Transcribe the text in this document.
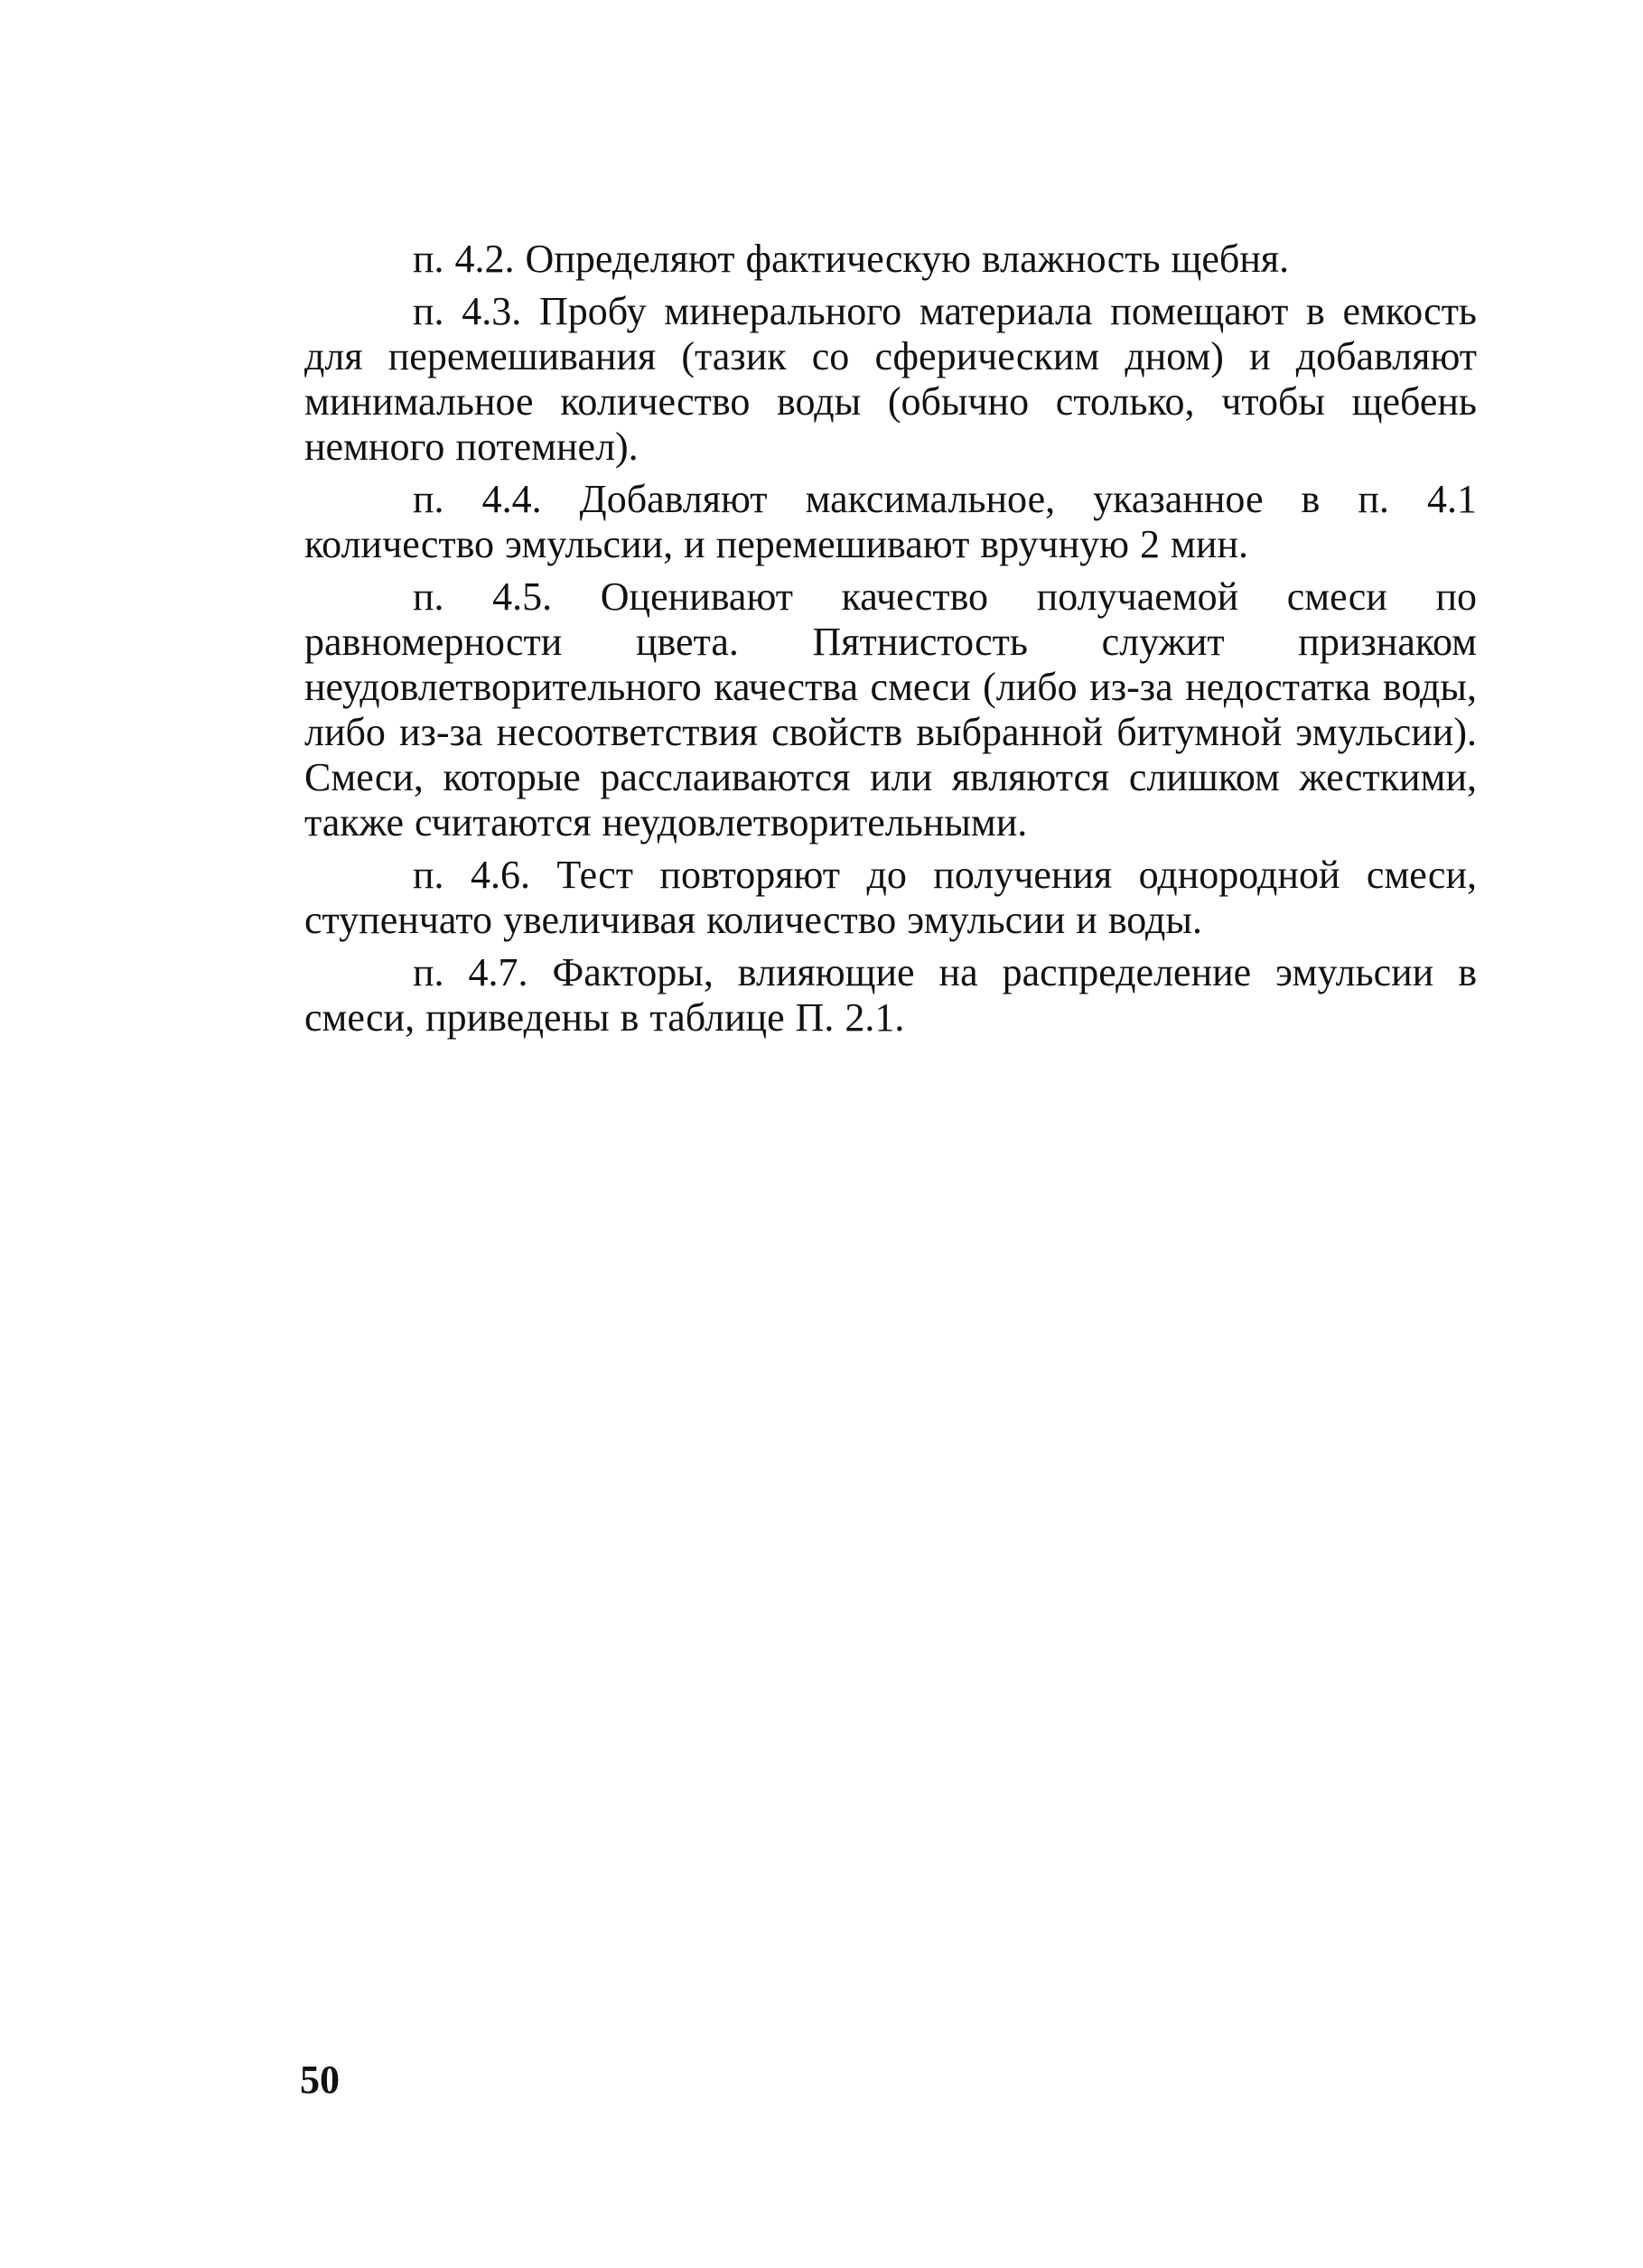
п. 4.2. Определяют фактическую влажность щебня.

п. 4.3. Пробу минерального материала помещают в емкость для перемешивания (тазик со сферическим дном) и добавляют минимальное количество воды (обычно столько, чтобы щебень немного потемнел).

п. 4.4. Добавляют максимальное, указанное в п. 4.1 количество эмульсии, и перемешивают вручную 2 мин.

п. 4.5. Оценивают качество получаемой смеси по равномерности цвета. Пятнистость служит признаком неудовлетворительного качества смеси (либо из-за недостатка воды, либо из-за несоответствия свойств выбранной битумной эмульсии). Смеси, которые расслаиваются или являются слишком жесткими, также считаются неудовлетворительными.

п. 4.6. Тест повторяют до получения однородной смеси, ступенчато увеличивая количество эмульсии и воды.

п. 4.7. Факторы, влияющие на распределение эмульсии в смеси, приведены в таблице П. 2.1.

50
